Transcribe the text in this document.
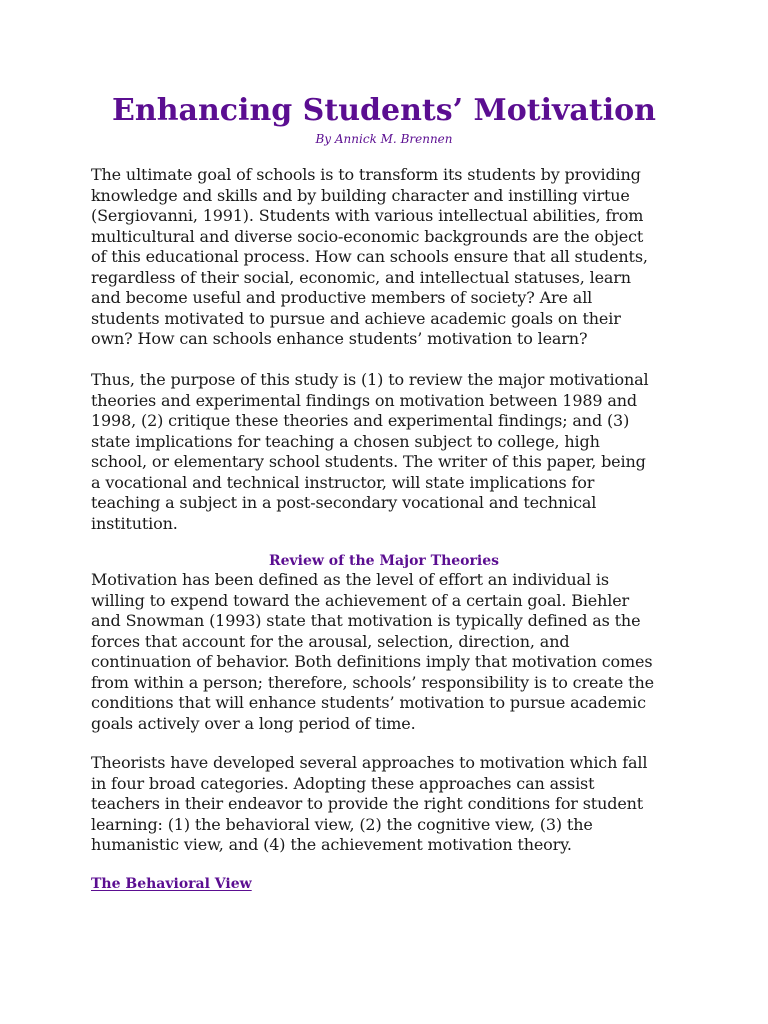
Enhancing Students’ Motivation

By Annick M. Brennen

The ultimate goal of schools is to transform its students by providing
knowledge and skills and by building character and instilling virtue
(Sergiovanni, 1991). Students with various intellectual abilities, from
multicultural and diverse socio-economic backgrounds are the object
of this educational process. How can schools ensure that all students,
regardless of their social, economic, and intellectual statuses, learn
and become useful and productive members of society? Are all
students motivated to pursue and achieve academic goals on their
own? How can schools enhance students’ motivation to learn?

Thus, the purpose of this study is (1) to review the major motivational
theories and experimental findings on motivation between 1989 and
1998, (2) critique these theories and experimental findings; and (3)
state implications for teaching a chosen subject to college, high
school, or elementary school students. The writer of this paper, being
a vocational and technical instructor, will state implications for
teaching a subject in a post-secondary vocational and technical
institution.

Review of the Major Theories

Motivation has been defined as the level of effort an individual is
willing to expend toward the achievement of a certain goal. Biehler
and Snowman (1993) state that motivation is typically defined as the
forces that account for the arousal, selection, direction, and
continuation of behavior. Both definitions imply that motivation comes
from within a person; therefore, schools’ responsibility is to create the
conditions that will enhance students’ motivation to pursue academic
goals actively over a long period of time.

Theorists have developed several approaches to motivation which fall
in four broad categories. Adopting these approaches can assist
teachers in their endeavor to provide the right conditions for student
learning: (1) the behavioral view, (2) the cognitive view, (3) the
humanistic view, and (4) the achievement motivation theory.

The Behavioral View
